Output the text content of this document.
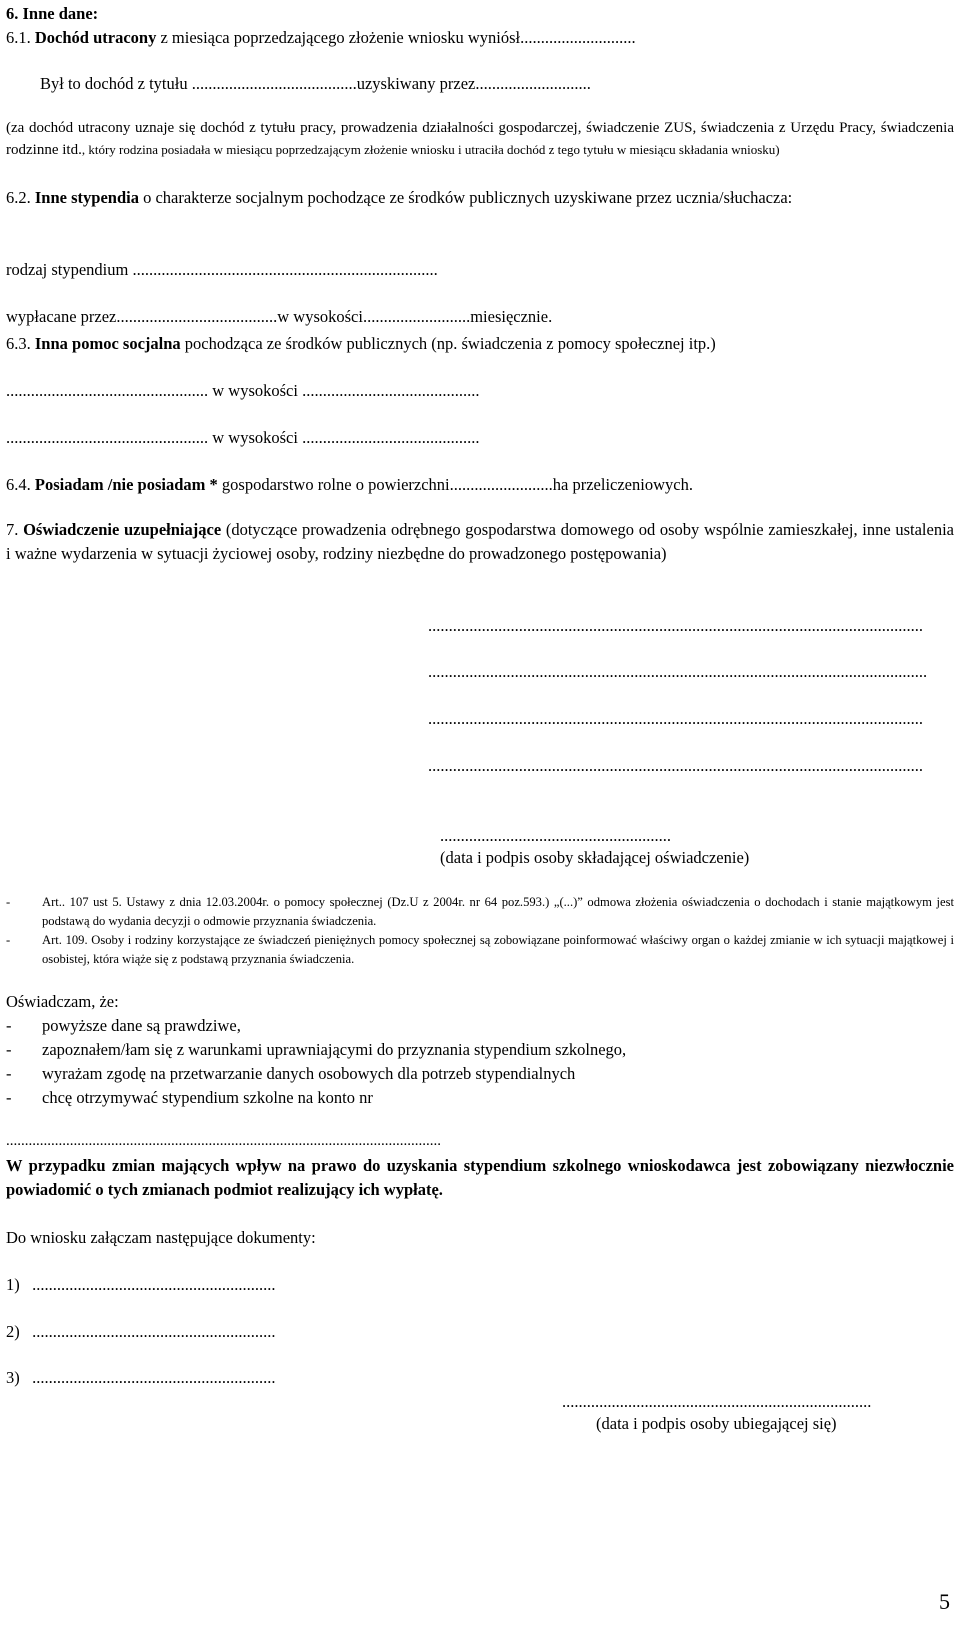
6. Inne dane:
6.1. Dochód utracony z miesiąca poprzedzającego złożenie wniosku wyniósł............................
Był to dochód z tytułu ........................................uzyskiwany przez............................
(za dochód utracony uznaje się dochód z tytułu pracy, prowadzenia działalności gospodarczej, świadczenie ZUS, świadczenia z Urzędu Pracy, świadczenia rodzinne itd., który rodzina posiadała w miesiącu poprzedzającym złożenie wniosku i utraciła dochód z tego tytułu w miesiącu składania wniosku)
6.2. Inne stypendia o charakterze socjalnym pochodzące ze środków publicznych uzyskiwane przez ucznia/słuchacza:
rodzaj stypendium ..........................................................................
wypłacane przez.......................................w wysokości..........................miesięcznie.
6.3. Inna pomoc socjalna pochodząca ze środków publicznych (np. świadczenia z pomocy społecznej itp.)
................................................. w wysokości ...........................................
................................................. w wysokości ...........................................
6.4. Posiadam /nie posiadam * gospodarstwo rolne o powierzchni.........................ha przeliczeniowych.
7. Oświadczenie uzupełniające (dotyczące prowadzenia odrębnego gospodarstwa domowego od osoby wspólnie zamieszkałej, inne ustalenia i ważne wydarzenia w sytuacji życiowej osoby, rodziny niezbędne do prowadzonego postępowania)
........................................................................................................................
.........................................................................................................................
........................................................................................................................
........................................................................................................................
........................................................
(data i podpis osoby składającej oświadczenie)
-	Art.. 107 ust 5. Ustawy z dnia 12.03.2004r. o pomocy społecznej (Dz.U z 2004r. nr 64 poz.593.) „(...)” odmowa złożenia oświadczenia o dochodach i stanie majątkowym jest podstawą do wydania decyzji o odmowie przyznania świadczenia.
-	Art. 109. Osoby i rodziny korzystające ze świadczeń pieniężnych pomocy społecznej są zobowiązane poinformować właściwy organ o każdej zmianie w ich sytuacji majątkowej i osobistej, która wiąże się z podstawą przyznania świadczenia.
Oświadczam, że:
-	powyższe dane są prawdziwe,
-	zapoznałem/łam się z warunkami uprawniającymi do przyznania stypendium szkolnego,
-	wyrażam zgodę na przetwarzanie danych osobowych dla potrzeb stypendialnych
-	chcę otrzymywać stypendium szkolne na konto nr
....................................................................................................................
W przypadku zmian mających wpływ na prawo do uzyskania stypendium szkolnego wnioskodawca jest zobowiązany niezwłocznie powiadomić o tych zmianach podmiot realizujący ich wypłatę.
Do wniosku załączam następujące dokumenty:
1) ...........................................................
2) ...........................................................
3) ...........................................................
...........................................................................
(data i podpis osoby ubiegającej się)
5
